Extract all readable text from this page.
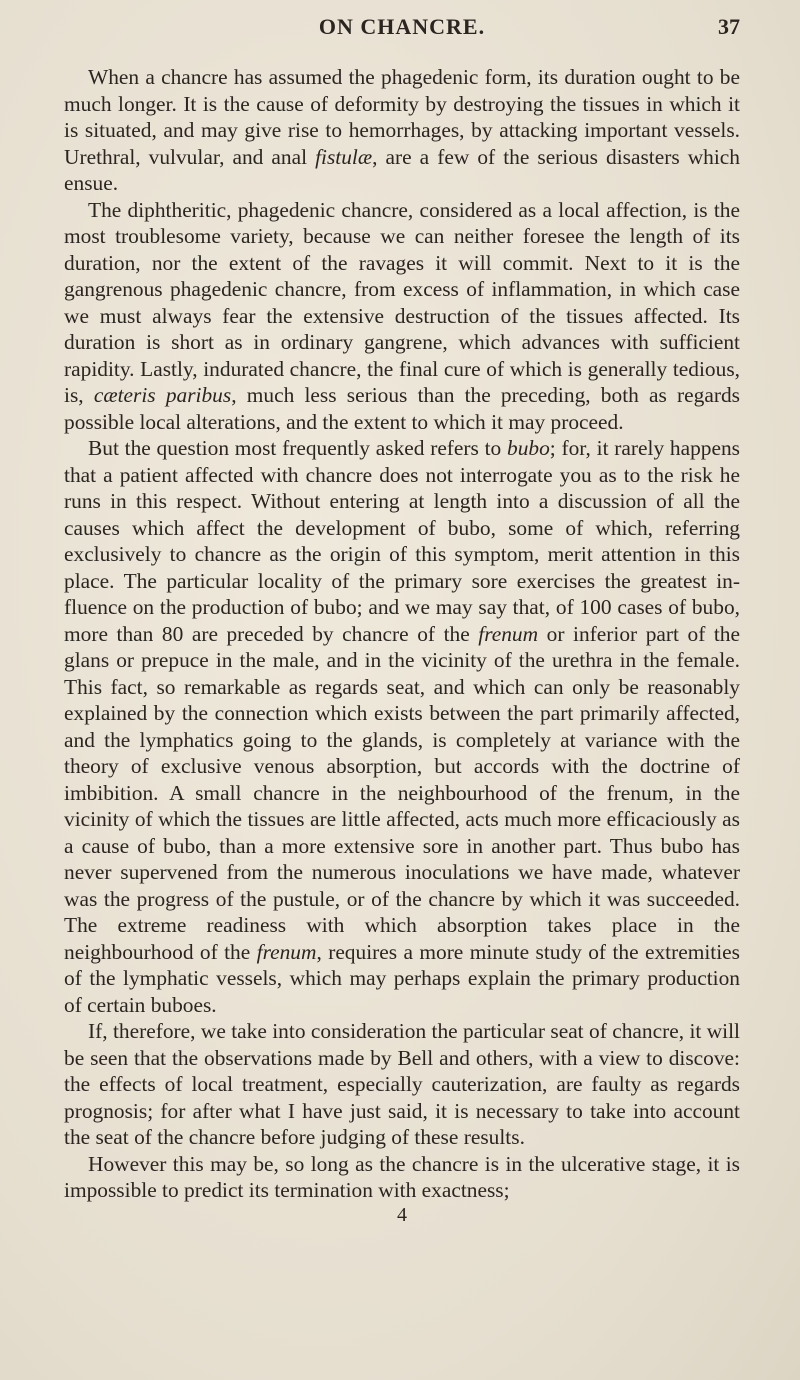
ON CHANCRE.	37

When a chancre has assumed the phagedenic form, its duration ought to be much longer. It is the cause of deformity by destroying the tissues in which it is situated, and may give rise to hemorrhages, by attacking important vessels. Urethral, vulvular, and anal fistulæ, are a few of the serious disasters which ensue.

The diphtheritic, phagedenic chancre, considered as a local affection, is the most troublesome variety, because we can neither foresee the length of its duration, nor the extent of the ravages it will commit. Next to it is the gangrenous phagedenic chancre, from excess of inflammation, in which case we must always fear the extensive destruction of the tissues affected. Its duration is short as in ordinary gangrene, which advances with sufficient rapidity. Lastly, indurated chancre, the final cure of which is generally tedious, is, cæteris paribus, much less serious than the preceding, both as regards possible local alterations, and the extent to which it may proceed.

But the question most frequently asked refers to bubo; for, it rarely happens that a patient affected with chancre does not interrogate you as to the risk he runs in this respect. Without entering at length into a discussion of all the causes which affect the development of bubo, some of which, referring exclusively to chancre as the origin of this symptom, merit attention in this place. The particular locality of the primary sore exercises the greatest influence on the production of bubo; and we may say that, of 100 cases of bubo, more than 80 are preceded by chancre of the frenum or inferior part of the glans or prepuce in the male, and in the vicinity of the urethra in the female. This fact, so remarkable as regards seat, and which can only be reasonably explained by the connection which exists between the part primarily affected, and the lymphatics going to the glands, is completely at variance with the theory of exclusive venous absorption, but accords with the doctrine of imbibition. A small chancre in the neighbourhood of the frenum, in the vicinity of which the tissues are little affected, acts much more efficaciously as a cause of bubo, than a more extensive sore in another part. Thus bubo has never supervened from the numerous inoculations we have made, whatever was the progress of the pustule, or of the chancre by which it was succeeded. The extreme readiness with which absorption takes place in the neighbourhood of the frenum, requires a more minute study of the extremities of the lymphatic vessels, which may perhaps explain the primary production of certain buboes.

If, therefore, we take into consideration the particular seat of chancre, it will be seen that the observations made by Bell and others, with a view to discove: the effects of local treatment, especially cauterization, are faulty as regards prognosis; for after what I have just said, it is necessary to take into account the seat of the chancre before judging of these results.

However this may be, so long as the chancre is in the ulcerative stage, it is impossible to predict its termination with exactness;

4
